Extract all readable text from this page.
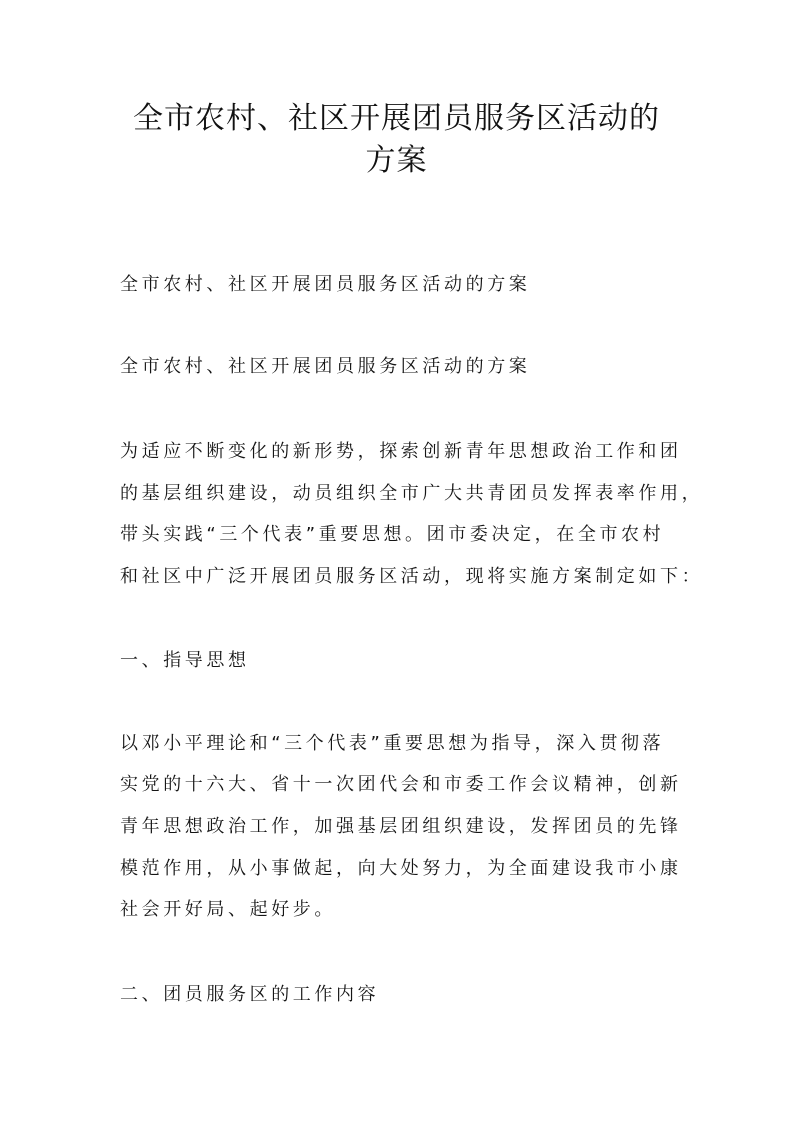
全市农村、社区开展团员服务区活动的
方案
全市农村、社区开展团员服务区活动的方案
全市农村、社区开展团员服务区活动的方案
为适应不断变化的新形势，探索创新青年思想政治工作和团
的基层组织建设，动员组织全市广大共青团员发挥表率作用，
带头实践“三个代表”重要思想。团市委决定，在全市农村
和社区中广泛开展团员服务区活动，现将实施方案制定如下：
一、指导思想
以邓小平理论和“三个代表”重要思想为指导，深入贯彻落
实党的十六大、省十一次团代会和市委工作会议精神，创新
青年思想政治工作，加强基层团组织建设，发挥团员的先锋
模范作用，从小事做起，向大处努力，为全面建设我市小康
社会开好局、起好步。
二、团员服务区的工作内容
